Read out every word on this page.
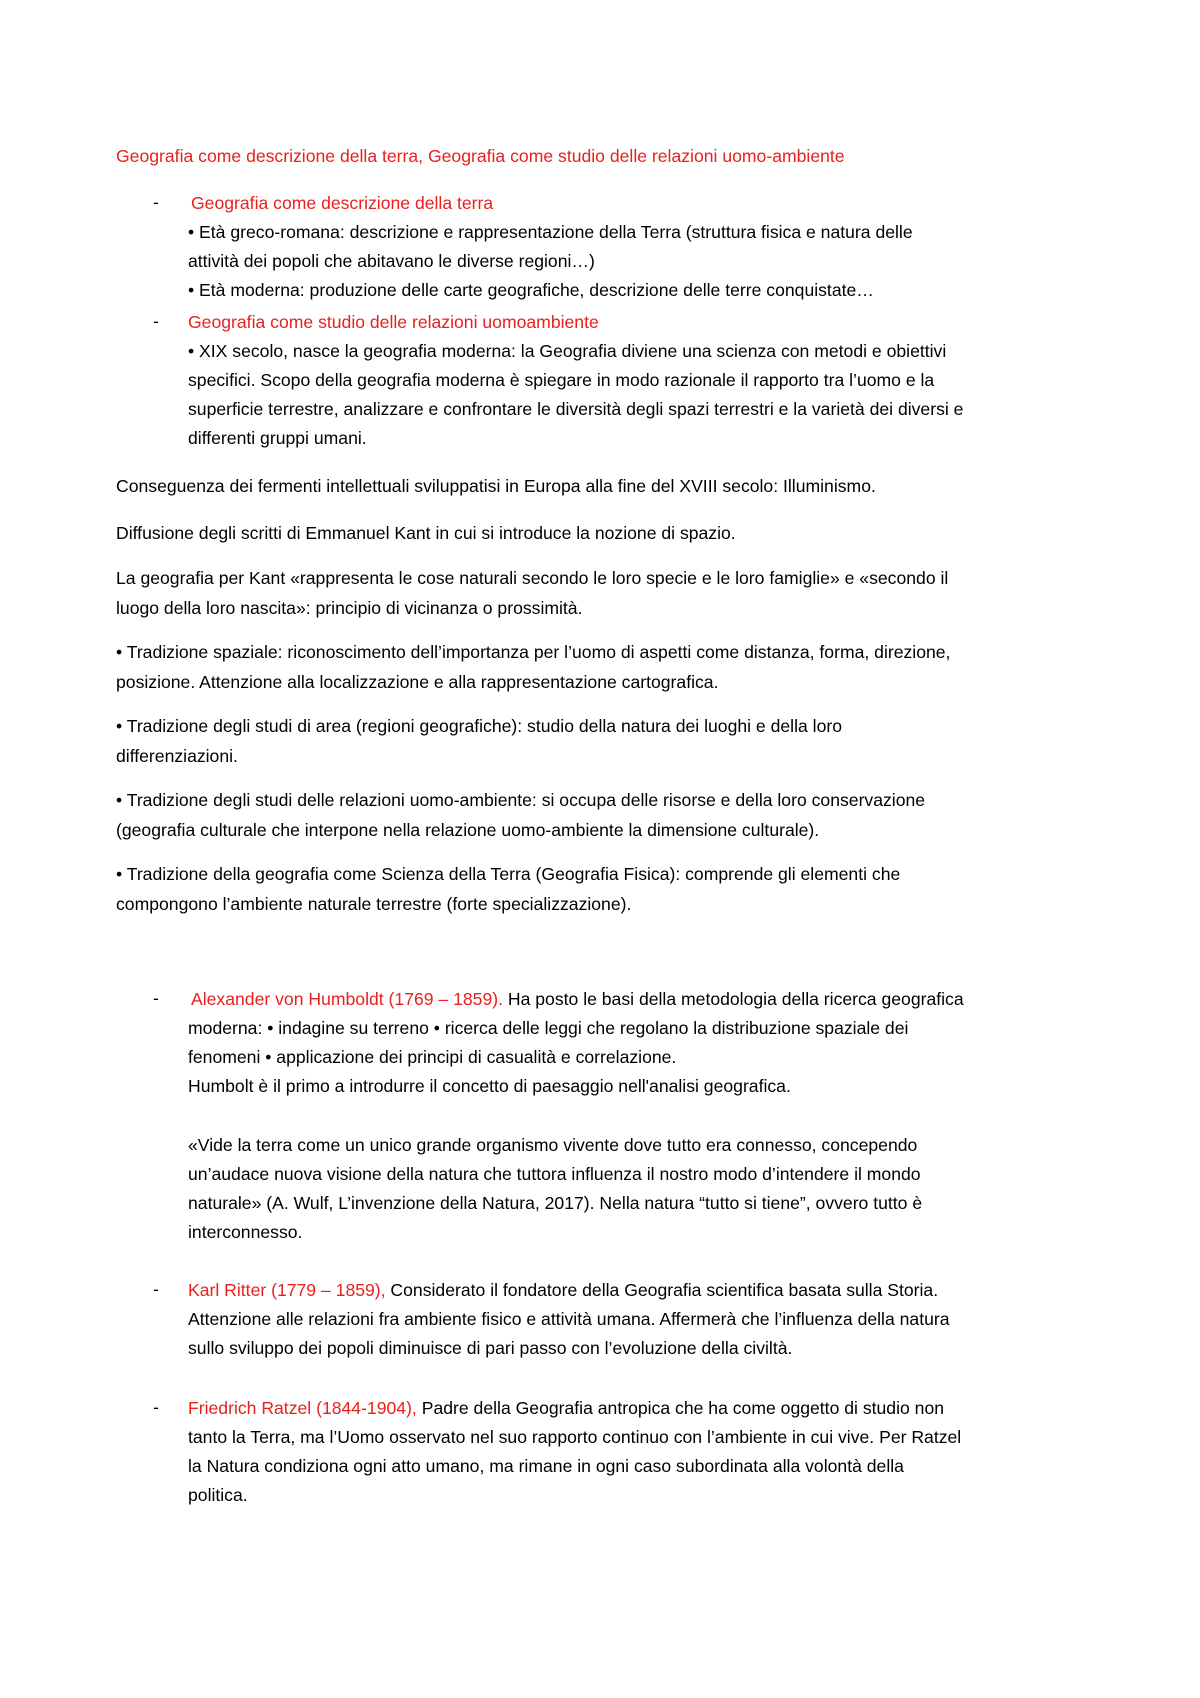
Geografia come descrizione della terra, Geografia come studio delle relazioni uomo-ambiente
- Geografia come descrizione della terra
• Età greco-romana: descrizione e rappresentazione della Terra (struttura fisica e natura delle
attività dei popoli che abitavano le diverse regioni…)
• Età moderna: produzione delle carte geografiche, descrizione delle terre conquistate…
- Geografia come studio delle relazioni uomoambiente
• XIX secolo, nasce la geografia moderna: la Geografia diviene una scienza con metodi e obiettivi
specifici. Scopo della geografia moderna è spiegare in modo razionale il rapporto tra l’uomo e la
superficie terrestre, analizzare e confrontare le diversità degli spazi terrestri e la varietà dei diversi e
differenti gruppi umani.
Conseguenza dei fermenti intellettuali sviluppatisi in Europa alla fine del XVIII secolo: Illuminismo.
Diffusione degli scritti di Emmanuel Kant in cui si introduce la nozione di spazio.
La geografia per Kant «rappresenta le cose naturali secondo le loro specie e le loro famiglie» e «secondo il
luogo della loro nascita»: principio di vicinanza o prossimità.
• Tradizione spaziale: riconoscimento dell’importanza per l’uomo di aspetti come distanza, forma, direzione,
posizione. Attenzione alla localizzazione e alla rappresentazione cartografica.
• Tradizione degli studi di area (regioni geografiche): studio della natura dei luoghi e della loro
differenziazioni.
• Tradizione degli studi delle relazioni uomo-ambiente: si occupa delle risorse e della loro conservazione
(geografia culturale che interpone nella relazione uomo-ambiente la dimensione culturale).
• Tradizione della geografia come Scienza della Terra (Geografia Fisica): comprende gli elementi che
compongono l’ambiente naturale terrestre (forte specializzazione).
- Alexander von Humboldt (1769 – 1859). Ha posto le basi della metodologia della ricerca geografica
moderna: • indagine su terreno • ricerca delle leggi che regolano la distribuzione spaziale dei
fenomeni • applicazione dei principi di casualità e correlazione.
Humbolt è il primo a introdurre il concetto di paesaggio nell'analisi geografica.
«Vide la terra come un unico grande organismo vivente dove tutto era connesso, concependo
un’audace nuova visione della natura che tuttora influenza il nostro modo d’intendere il mondo
naturale» (A. Wulf, L’invenzione della Natura, 2017). Nella natura “tutto si tiene”, ovvero tutto è
interconnesso.
- Karl Ritter (1779 – 1859), Considerato il fondatore della Geografia scientifica basata sulla Storia.
Attenzione alle relazioni fra ambiente fisico e attività umana. Affermerà che l’influenza della natura
sullo sviluppo dei popoli diminuisce di pari passo con l’evoluzione della civiltà.
- Friedrich Ratzel (1844-1904), Padre della Geografia antropica che ha come oggetto di studio non
tanto la Terra, ma l’Uomo osservato nel suo rapporto continuo con l’ambiente in cui vive. Per Ratzel
la Natura condiziona ogni atto umano, ma rimane in ogni caso subordinata alla volontà della
politica.
